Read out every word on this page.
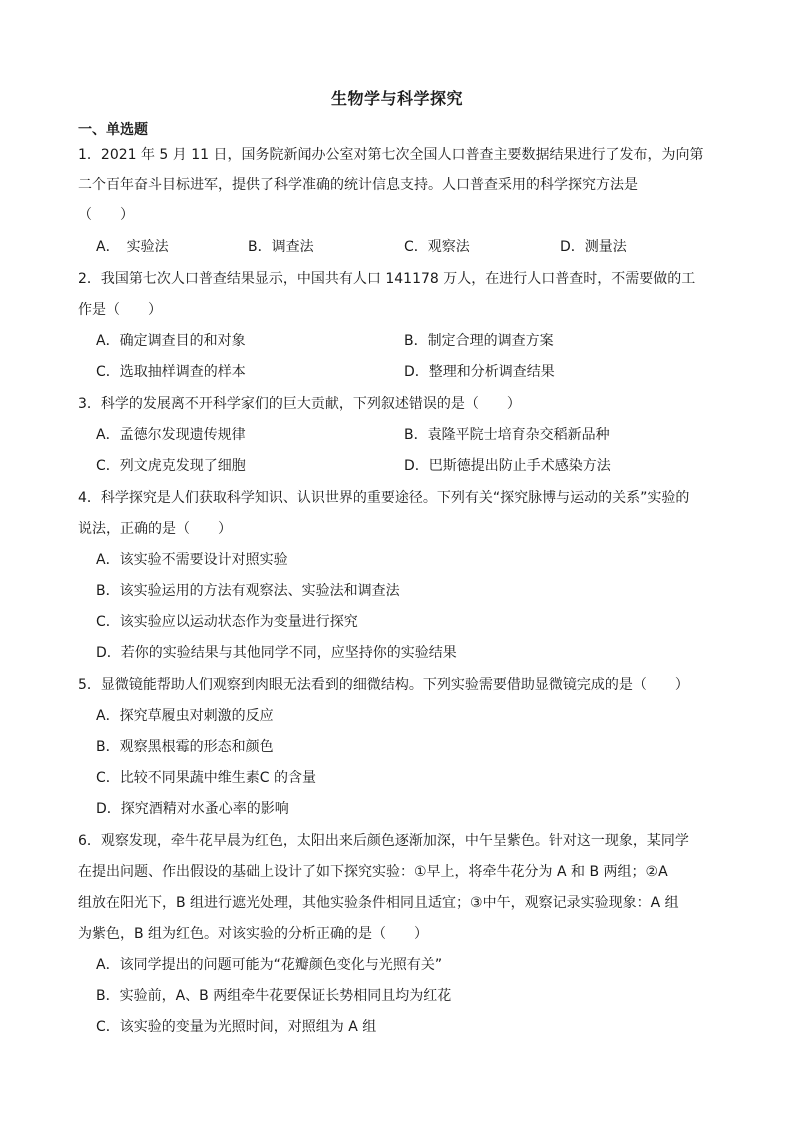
生物学与科学探究
一、单选题
1．2021 年 5 月 11 日，国务院新闻办公室对第七次全国人口普查主要数据结果进行了发布，为向第
二个百年奋斗目标进军，提供了科学准确的统计信息支持。人口普查采用的科学探究方法是
（　　）
A．　实验法	B．调查法	C．观察法	D．测量法
2．我国第七次人口普查结果显示，中国共有人口 141178 万人，在进行人口普查时，不需要做的工
作是（　　）
A．确定调查目的和对象	B．制定合理的调查方案
C．选取抽样调查的样本	D．整理和分析调查结果
3．科学的发展离不开科学家们的巨大贡献，下列叙述错误的是（　　）
A．孟德尔发现遗传规律	B．袁隆平院士培育杂交稻新品种
C．列文虎克发现了细胞	D．巴斯德提出防止手术感染方法
4．科学探究是人们获取科学知识、认识世界的重要途径。下列有关“探究脉博与运动的关系”实验的
说法，正确的是（　　）
A．该实验不需要设计对照实验
B．该实验运用的方法有观察法、实验法和调查法
C．该实验应以运动状态作为变量进行探究
D．若你的实验结果与其他同学不同，应坚持你的实验结果
5．显微镜能帮助人们观察到肉眼无法看到的细微结构。下列实验需要借助显微镜完成的是（　　）
A．探究草履虫对刺激的反应
B．观察黑根霉的形态和颜色
C．比较不同果蔬中维生素C 的含量
D．探究酒精对水蚤心率的影响
6．观察发现，牵牛花早晨为红色，太阳出来后颜色逐渐加深，中午呈紫色。针对这一现象，某同学
在提出问题、作出假设的基础上设计了如下探究实验：①早上，将牵牛花分为 A 和 B 两组；②A
组放在阳光下，B 组进行遮光处理，其他实验条件相同且适宜；③中午，观察记录实验现象：A 组
为紫色，B 组为红色。对该实验的分析正确的是（　　）
A．该同学提出的问题可能为“花瓣颜色变化与光照有关”
B．实验前，A、B 两组牵牛花要保证长势相同且均为红花
C．该实验的变量为光照时间，对照组为 A 组
